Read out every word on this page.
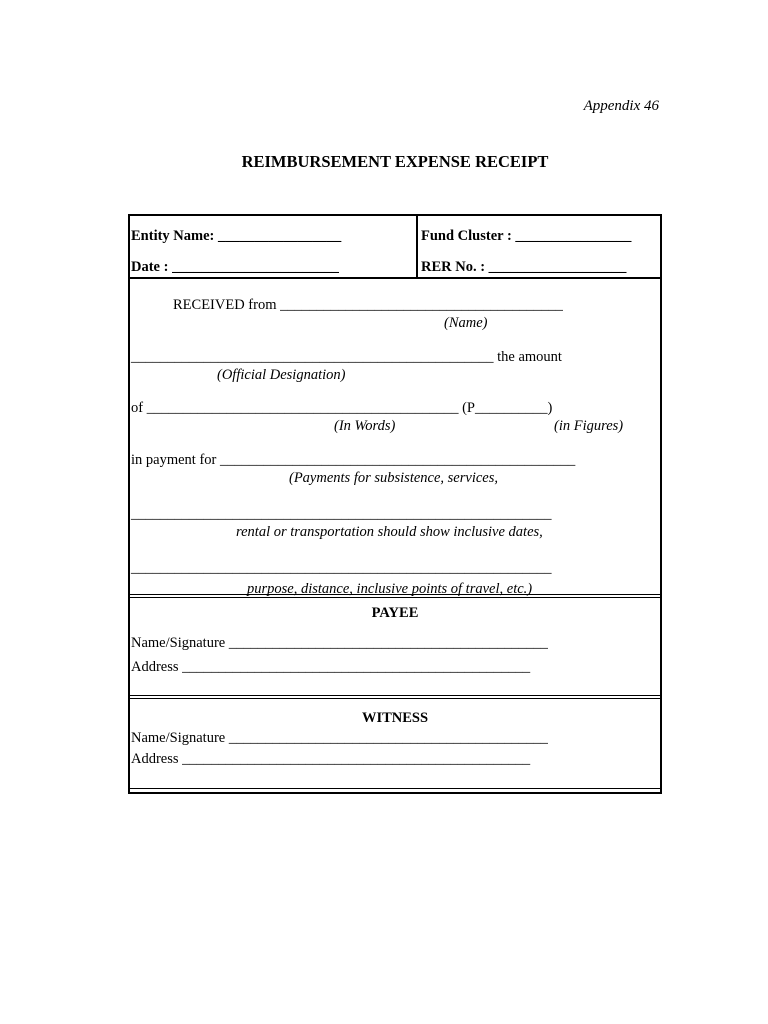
Appendix 46
REIMBURSEMENT EXPENSE RECEIPT
Entity Name: _________________
Date : _______________________
Fund Cluster : ________________
RER No. : ___________________
RECEIVED from _______________________________________
(Name)
__________________________________________________ the amount
(Official Designation)
of ___________________________________________ (P__________)
(In Words)	(in Figures)
in payment for _________________________________________________
(Payments for subsistence, services,
__________________________________________________________
rental or transportation should show inclusive dates,
__________________________________________________________
purpose, distance, inclusive points of travel, etc.)
PAYEE
Name/Signature ____________________________________________
Address ________________________________________________
WITNESS
Name/Signature ____________________________________________
Address ________________________________________________
